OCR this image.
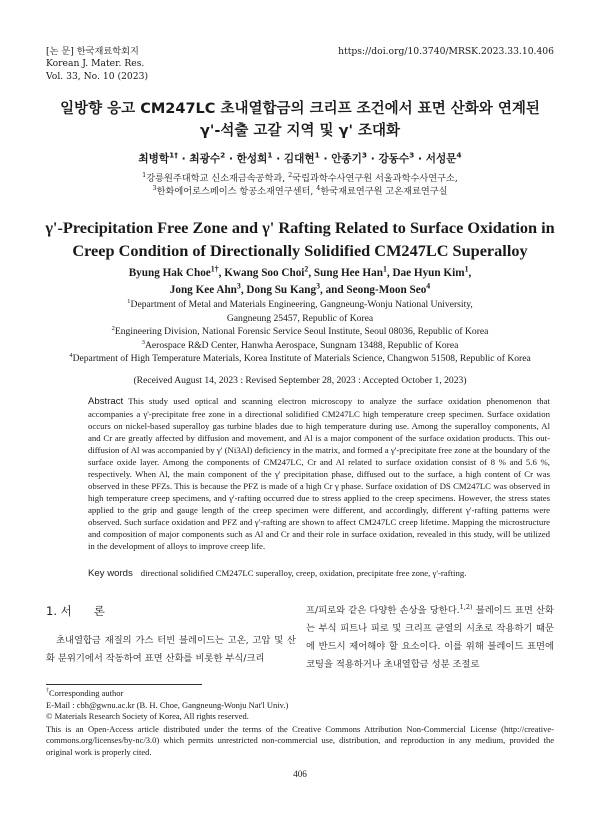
[논 문] 한국재료학회지
Korean J. Mater. Res.
Vol. 33, No. 10 (2023)
https://doi.org/10.3740/MRSK.2023.33.10.406
일방향 응고 CM247LC 초내열합금의 크리프 조건에서 표면 산화와 연계된
γ'-석출 고갈 지역 및 γ' 조대화
최병학$^{1\dagger}$ · 최광수$^2$ · 한성희$^1$ · 김대현$^1$ · 안종기$^3$ · 강동수$^3$ · 서성문$^4$
$^1$강릉원주대학교 신소재금속공학과, $^2$국립과학수사연구원 서울과학수사연구소,
$^3$한화에어로스페이스 항공소재연구센터, $^4$한국재료연구원 고온재료연구실
γ'-Precipitation Free Zone and γ' Rafting Related to Surface Oxidation in
Creep Condition of Directionally Solidified CM247LC Superalloy
Byung Hak Choe$^{1\dagger}$, Kwang Soo Choi$^2$, Sung Hee Han$^1$, Dae Hyun Kim$^1$,
Jong Kee Ahn$^3$, Dong Su Kang$^3$, and Seong-Moon Seo$^4$
$^1$Department of Metal and Materials Engineering, Gangneung-Wonju National University,
Gangneung 25457, Republic of Korea
$^2$Engineering Division, National Forensic Service Seoul Institute, Seoul 08036, Republic of Korea
$^3$Aerospace R&D Center, Hanwha Aerospace, Sungnam 13488, Republic of Korea
$^4$Department of High Temperature Materials, Korea Institute of Materials Science, Changwon 51508, Republic of Korea
(Received August 14, 2023 : Revised September 28, 2023 : Accepted October 1, 2023)
Abstract This study used optical and scanning electron microscopy to analyze the surface oxidation phenomenon that accompanies a γ'-precipitate free zone in a directional solidified CM247LC high temperature creep specimen. Surface oxidation occurs on nickel-based superalloy gas turbine blades due to high temperature during use. Among the superalloy components, Al and Cr are greatly affected by diffusion and movement, and Al is a major component of the surface oxidation products. This out-diffusion of Al was accompanied by γ' (Ni3Al) deficiency in the matrix, and formed a γ'-precipitate free zone at the boundary of the surface oxide layer. Among the components of CM247LC, Cr and Al related to surface oxidation consist of 8 % and 5.6 %, respectively. When Al, the main component of the γ' precipitation phase, diffused out to the surface, a high content of Cr was observed in these PFZs. This is because the PFZ is made of a high Cr γ phase. Surface oxidation of DS CM247LC was observed in high temperature creep specimens, and γ'-rafting occurred due to stress applied to the creep specimens. However, the stress states applied to the grip and gauge length of the creep specimen were different, and accordingly, different γ'-rafting patterns were observed. Such surface oxidation and PFZ and γ'-rafting are shown to affect CM247LC creep lifetime. Mapping the microstructure and composition of major components such as Al and Cr and their role in surface oxidation, revealed in this study, will be utilized in the development of alloys to improve creep life.
Key words directional solidified CM247LC superalloy, creep, oxidation, precipitate free zone, γ'-rafting.
1. 서 론
초내열합금 재질의 가스 터빈 블레이드는 고온, 고압 및 산화 분위기에서 작동하여 표면 산화를 비롯한 부식/크리
프/피로와 같은 다양한 손상을 당한다.$^{1,2)}$ 블레이드 표면 산화는 부식 피트나 피로 및 크리프 균열의 시초로 작용하기 때문에 반드시 제어해야 할 요소이다. 이를 위해 블레이드 표면에 코팅을 적용하거나 초내열합금 성분 조절로
†Corresponding author
E-Mail : cbh@gwnu.ac.kr (B. H. Choe, Gangneung-Wonju Nat'l Univ.)
© Materials Research Society of Korea, All rights reserved.
This is an Open-Access article distributed under the terms of the Creative Commons Attribution Non-Commercial License (http://creative-commons.org/licenses/by-nc/3.0) which permits unrestricted non-commercial use, distribution, and reproduction in any medium, provided the original work is properly cited.
406
